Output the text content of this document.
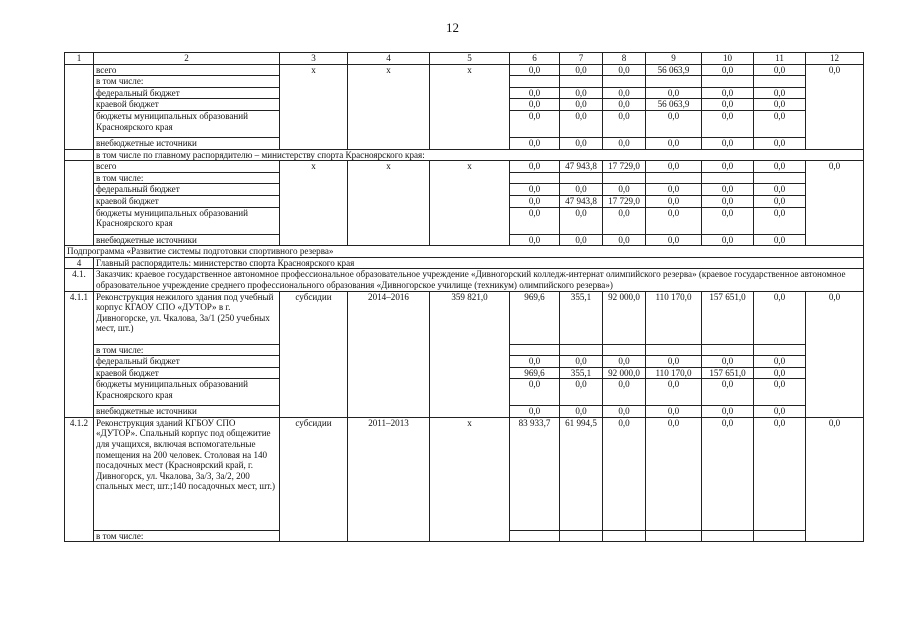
12
1	2	3	4	5	6	7	8	9	10	11	12
	всего	х	х	х	0,0	0,0	0,0	56 063,9	0,0	0,0	0,0
	в том числе:										
	федеральный бюджет				0,0	0,0	0,0	0,0	0,0	0,0	
	краевой бюджет				0,0	0,0	0,0	56 063,9	0,0	0,0	
	бюджеты муниципальных образований Красноярского края				0,0	0,0	0,0	0,0	0,0	0,0	
	внебюджетные источники				0,0	0,0	0,0	0,0	0,0	0,0	
	в том числе по главному распорядителю – министерству спорта Красноярского края:										
	всего	х	х	х	0,0	47 943,8	17 729,0	0,0	0,0	0,0	0,0
	в том числе:										
	федеральный бюджет				0,0	0,0	0,0	0,0	0,0	0,0	
	краевой бюджет				0,0	47 943,8	17 729,0	0,0	0,0	0,0	
	бюджеты муниципальных образований Красноярского края				0,0	0,0	0,0	0,0	0,0	0,0	
	внебюджетные источники				0,0	0,0	0,0	0,0	0,0	0,0	
Подпрограмма «Развитие системы подготовки спортивного резерва»											
4	Главный распорядитель: министерство спорта Красноярского края										
4.1.	Заказчик: краевое государственное автономное профессиональное образовательное учреждение «Дивногорский колледж-интернат олимпийского резерва» (краевое государственное автономное образовательное учреждение среднего профессионального образования «Дивногорское училище (техникум) олимпийского резерва»)										
4.1.1	Реконструкция нежилого здания под учебный корпус КГАОУ СПО «ДУТОР» в г. Дивногорске, ул. Чкалова, 3а/1 (250 учебных мест, шт.)	субсидии	2014–2016	359 821,0	969,6	355,1	92 000,0	110 170,0	157 651,0	0,0	0,0
	в том числе:										
	федеральный бюджет				0,0	0,0	0,0	0,0	0,0	0,0	
	краевой бюджет				969,6	355,1	92 000,0	110 170,0	157 651,0	0,0	
	бюджеты муниципальных образований Красноярского края				0,0	0,0	0,0	0,0	0,0	0,0	
	внебюджетные источники				0,0	0,0	0,0	0,0	0,0	0,0	
4.1.2	Реконструкция зданий КГБОУ СПО «ДУТОР». Спальный корпус под общежитие для учащихся, включая вспомогательные помещения на 200 человек. Столовая на 140 посадочных мест (Красноярский край, г. Дивногорск, ул. Чкалова, 3а/3, 3а/2, 200 спальных мест, шт.;140 посадочных мест, шт.)	субсидии	2011–2013	х	83 933,7	61 994,5	0,0	0,0	0,0	0,0	0,0
	в том числе:										
